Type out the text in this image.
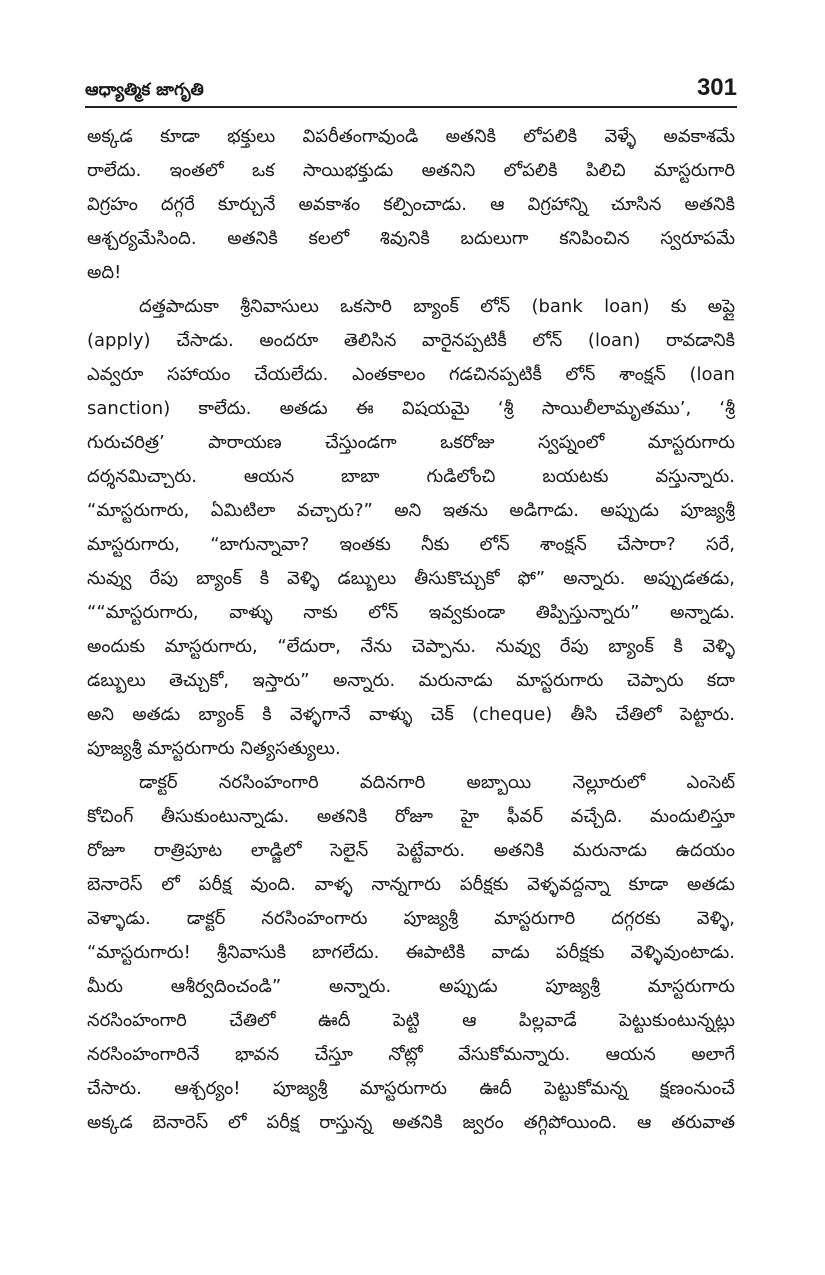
ఆధ్యాత్మిక జాగృతి	301
అక్కడ కూడా భక్తులు విపరీతంగావుండి అతనికి లోపలికి వెళ్ళే అవకాశమే
రాలేదు. ఇంతలో ఒక సాయిభక్తుడు అతనిని లోపలికి పిలిచి మాస్టరుగారి
విగ్రహం దగ్గరే కూర్చునే అవకాశం కల్పించాడు. ఆ విగ్రహాన్ని చూసిన అతనికి
ఆశ్చర్యమేసింది. అతనికి కలలో శివునికి బదులుగా కనిపించిన స్వరూపమే
అది!
దత్తపాదుకా శ్రీనివాసులు ఒకసారి బ్యాంక్ లోన్ (bank loan) కు అప్లై
(apply) చేసాడు. అందరూ తెలిసిన వారైనప్పటికీ లోన్ (loan) రావడానికి
ఎవ్వరూ సహాయం చేయలేదు. ఎంతకాలం గడచినప్పటికీ లోన్ శాంక్షన్ (loan
sanction) కాలేదు. అతడు ఈ విషయమై ‘శ్రీ సాయిలీలామృతము’, ‘శ్రీ
గురుచరిత్ర’ పారాయణ చేస్తుండగా ఒకరోజు స్వప్నంలో మాస్టరుగారు
దర్శనమిచ్చారు. ఆయన బాబా గుడిలోంచి బయటకు వస్తున్నారు.
“మాస్టరుగారు, ఏమిటిలా వచ్చారు?” అని ఇతను అడిగాడు. అప్పుడు పూజ్యశ్రీ
మాస్టరుగారు, “బాగున్నావా? ఇంతకు నీకు లోన్ శాంక్షన్ చేసారా? సరే,
నువ్వు రేపు బ్యాంక్ కి వెళ్ళి డబ్బులు తీసుకొచ్చుకో ఫో” అన్నారు. అప్పుడతడు,
““మాస్టరుగారు, వాళ్ళు నాకు లోన్ ఇవ్వకుండా తిప్పిస్తున్నారు” అన్నాడు.
అందుకు మాస్టరుగారు, “లేదురా, నేను చెప్పాను. నువ్వు రేపు బ్యాంక్ కి వెళ్ళి
డబ్బులు తెచ్చుకో, ఇస్తారు” అన్నారు. మరునాడు మాస్టరుగారు చెప్పారు కదా
అని అతడు బ్యాంక్ కి వెళ్ళగానే వాళ్ళు చెక్ (cheque) తీసి చేతిలో పెట్టారు.
పూజ్యశ్రీ మాస్టరుగారు నిత్యసత్యులు.
డాక్టర్ నరసింహంగారి వదినగారి అబ్బాయి నెల్లూరులో ఎంసెట్
కోచింగ్ తీసుకుంటున్నాడు. అతనికి రోజూ హై ఫీవర్ వచ్చేది. మందులిస్తూ
రోజూ రాత్రిపూట లాడ్జిలో సెలైన్ పెట్టేవారు. అతనికి మరునాడు ఉదయం
బెనారెస్ లో పరీక్ష వుంది. వాళ్ళ నాన్నగారు పరీక్షకు వెళ్ళవద్దన్నా కూడా అతడు
వెళ్ళాడు. డాక్టర్ నరసింహంగారు పూజ్యశ్రీ మాస్టరుగారి దగ్గరకు వెళ్ళి,
“మాస్టరుగారు! శ్రీనివాసుకి బాగలేదు. ఈపాటికి వాడు పరీక్షకు వెళ్ళివుంటాడు.
మీరు ఆశీర్వదించండి” అన్నారు. అప్పుడు పూజ్యశ్రీ మాస్టరుగారు
నరసింహంగారి చేతిలో ఊదీ పెట్టి ఆ పిల్లవాడే పెట్టుకుంటున్నట్లు
నరసింహంగారినే భావన చేస్తూ నోట్లో వేసుకోమన్నారు. ఆయన అలాగే
చేసారు. ఆశ్చర్యం! పూజ్యశ్రీ మాస్టరుగారు ఊదీ పెట్టుకోమన్న క్షణంనుంచే
అక్కడ బెనారెస్ లో పరీక్ష రాస్తున్న అతనికి జ్వరం తగ్గిపోయింది. ఆ తరువాత
